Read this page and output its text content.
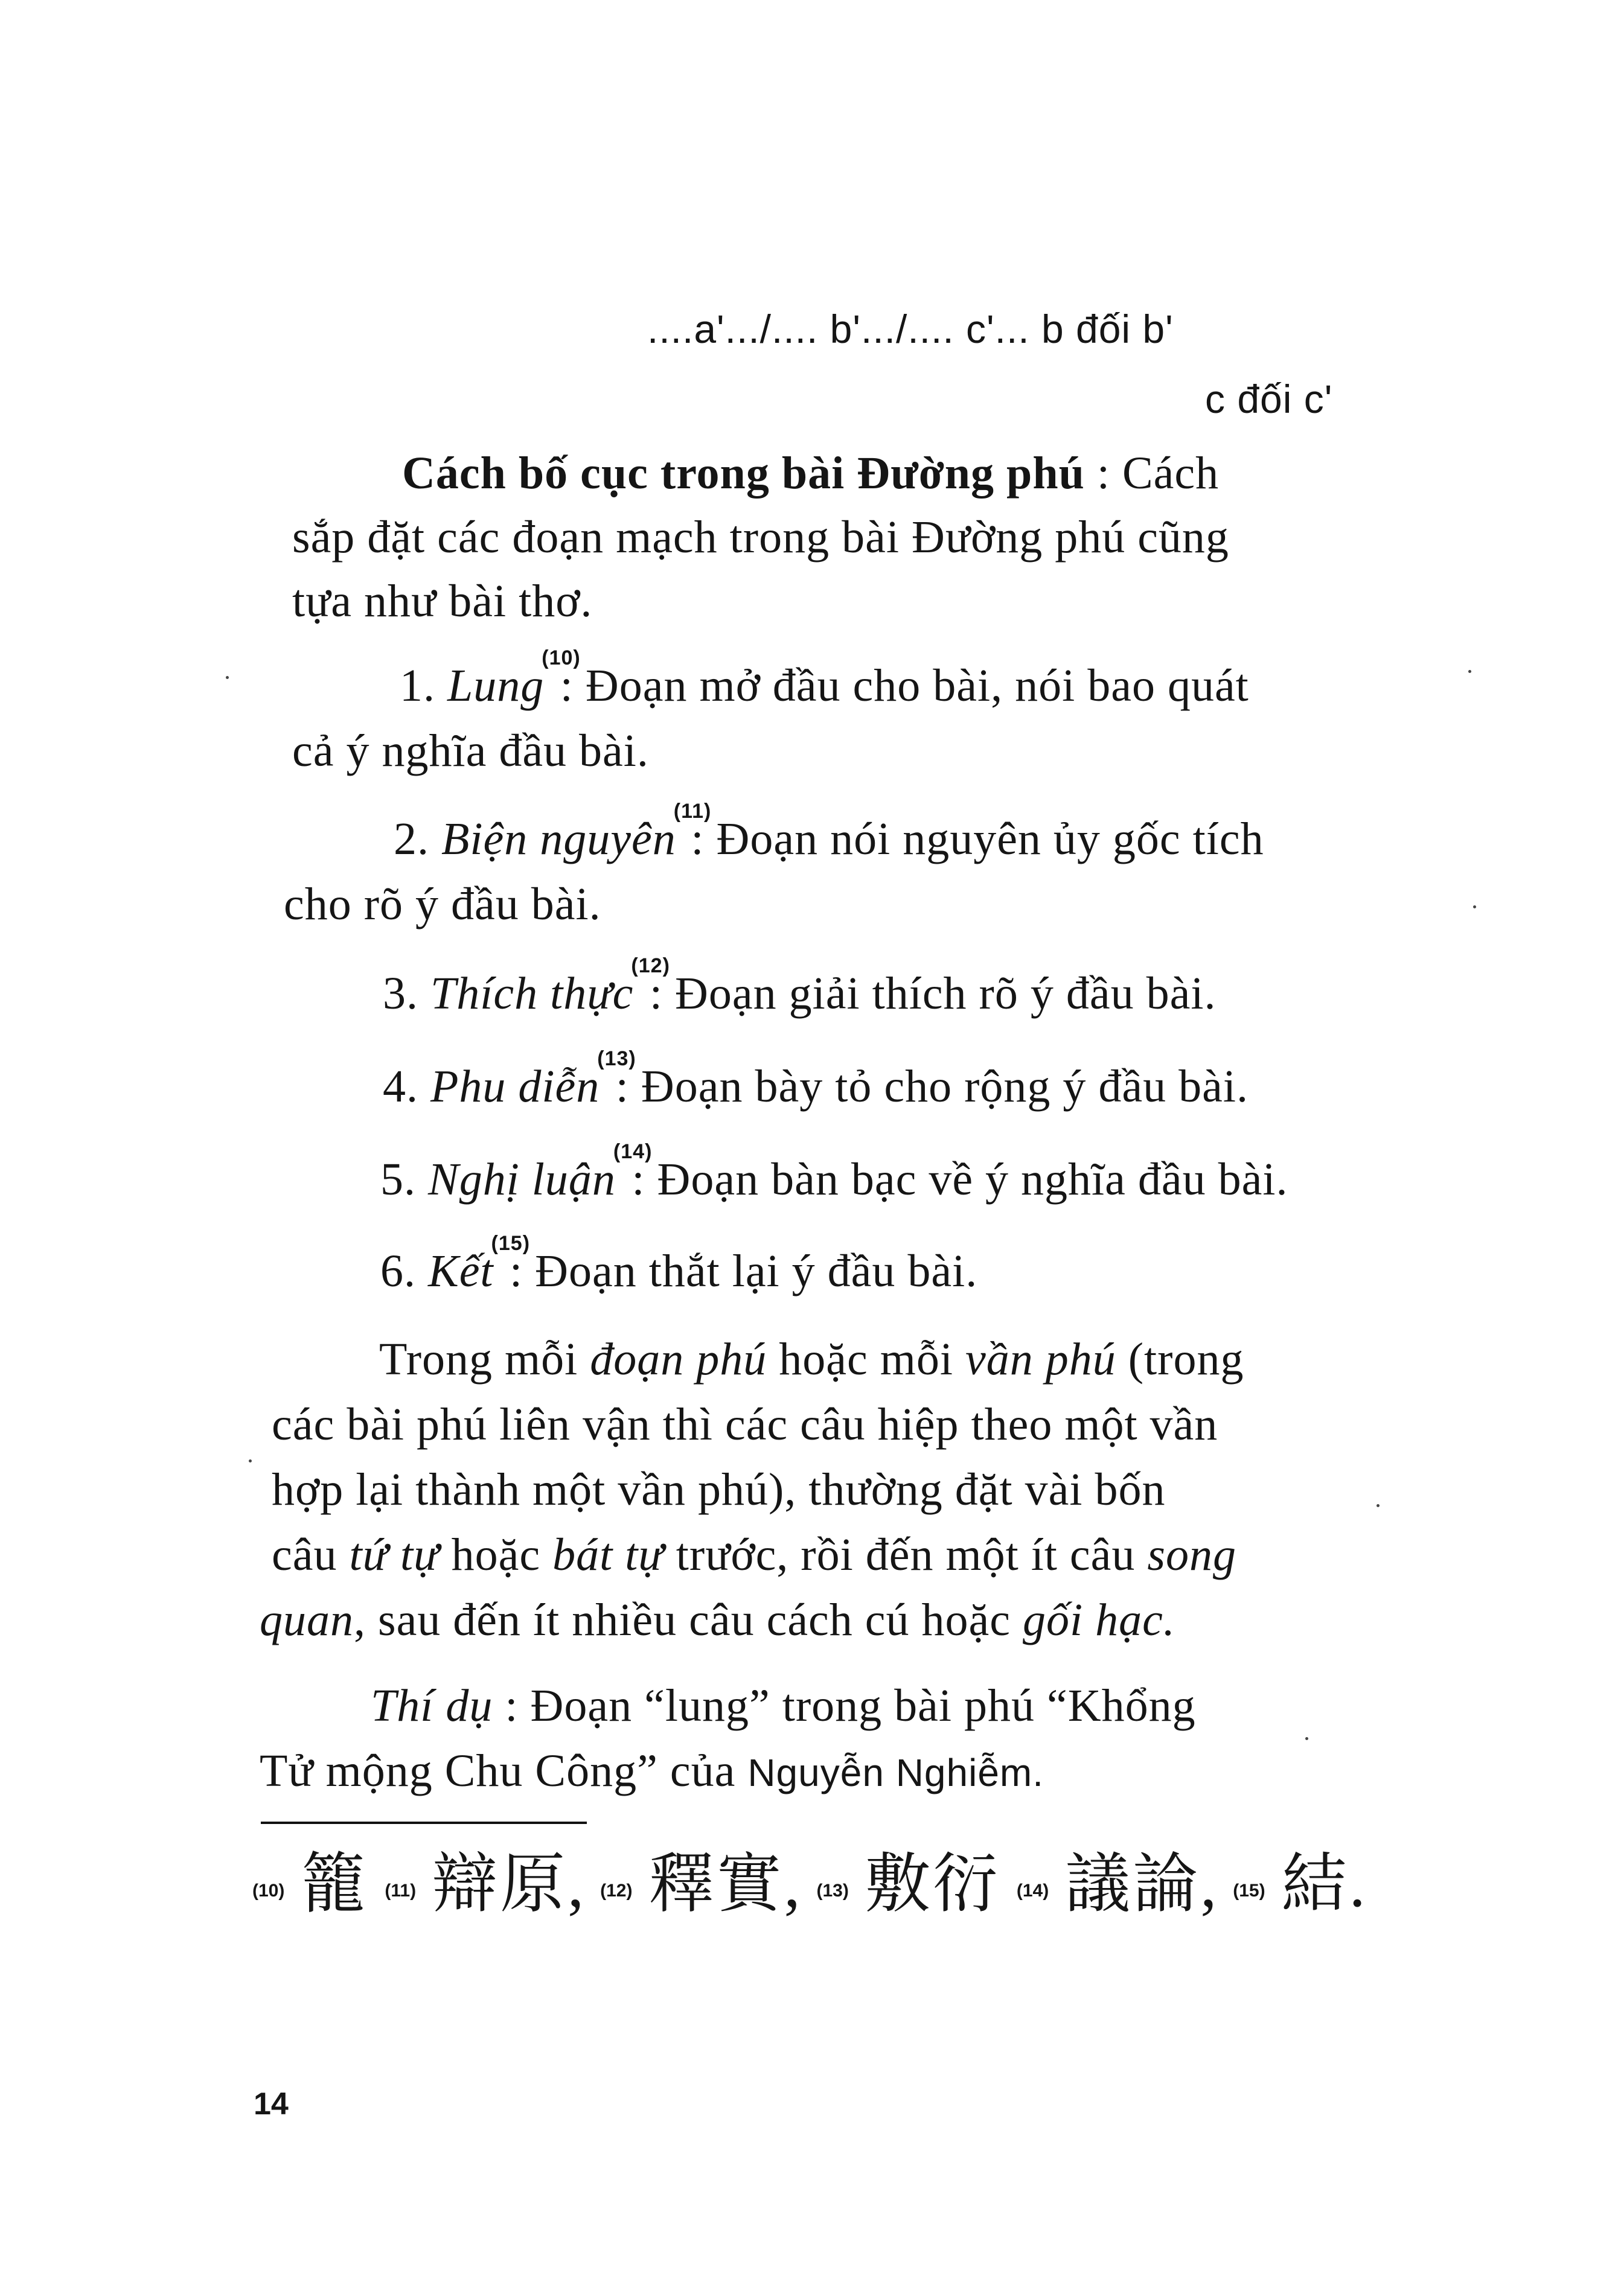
....a'.../.... b'.../.... c'... b đối b'
c đối c'
Cách bố cục trong bài Đường phú : Cách
sắp đặt các đoạn mạch trong bài Đường phú cũng
tựa như bài thơ.
1. Lung$^{(10)}$: Đoạn mở đầu cho bài, nói bao quát
cả ý nghĩa đầu bài.
2. Biện nguyên$^{(11)}$: Đoạn nói nguyên ủy gốc tích
cho rõ ý đầu bài.
3. Thích thực$^{(12)}$: Đoạn giải thích rõ ý đầu bài.
4. Phu diễn$^{(13)}$: Đoạn bày tỏ cho rộng ý đầu bài.
5. Nghị luận$^{(14)}$: Đoạn bàn bạc về ý nghĩa đầu bài.
6. Kết$^{(15)}$: Đoạn thắt lại ý đầu bài.
Trong mỗi đoạn phú hoặc mỗi vần phú (trong
các bài phú liên vận thì các câu hiệp theo một vần
hợp lại thành một vần phú), thường đặt vài bốn
câu tứ tự hoặc bát tự trước, rồi đến một ít câu song
quan, sau đến ít nhiều câu cách cú hoặc gối hạc.
Thí dụ : Đoạn “lung” trong bài phú “Khổng
Tử mộng Chu Công” của Nguyễn Nghiễm.
(10) 籠 (11) 辯原, (12) 釋實, (13) 敷衍 (14) 議論, (15) 結.
14
